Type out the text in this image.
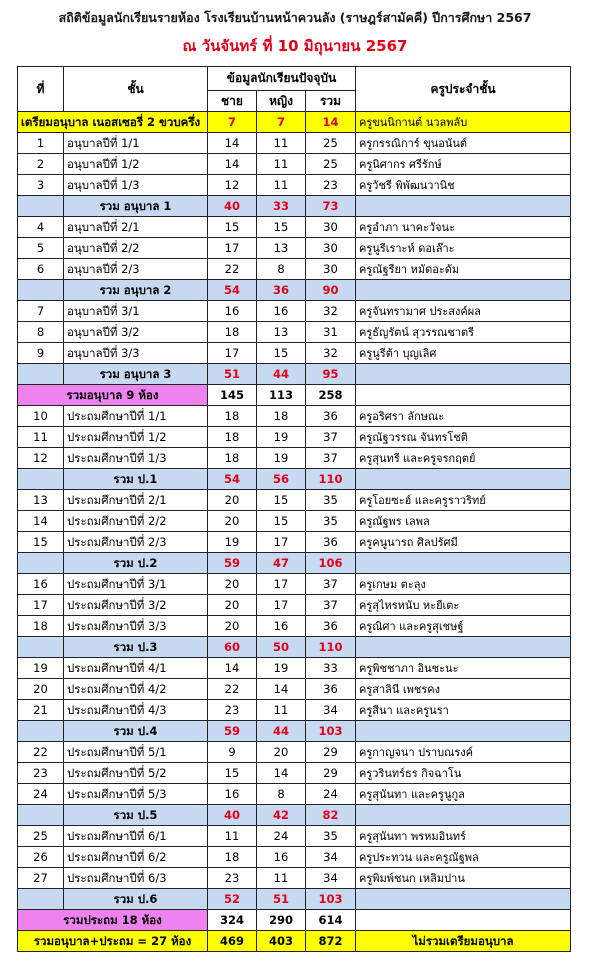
สถิติข้อมูลนักเรียนรายห้อง โรงเรียนบ้านหน้าควนลัง (ราษฎร์สามัคคี) ปีการศึกษา 2567
ณ วันจันทร์ ที่ 10 มิถุนายน 2567
ที่	ชั้น	ข้อมูลนักเรียนปัจจุบัน			ครูประจำชั้น
		ชาย	หญิง	รวม	
เตรียมอนุบาล เนอสเซอรี่ 2 ขวบครึ่ง		7	7	14	ครูขนนิกานต์ นวลพลับ
1	อนุบาลปีที่ 1/1	14	11	25	ครูกรรณิการ์ ขุนอนันต์
2	อนุบาลปีที่ 1/2	14	11	25	ครูนิศากร ศรีรักษ์
3	อนุบาลปีที่ 1/3	12	11	23	ครูวัชรี พิพัฒนวานิช
	รวม อนุบาล 1	40	33	73	
4	อนุบาลปีที่ 2/1	15	15	30	ครูอำภา นาคะวัจนะ
5	อนุบาลปีที่ 2/2	17	13	30	ครูนูรีเราะห์ ดอเล๊าะ
6	อนุบาลปีที่ 2/3	22	8	30	ครูณัฐรียา หมัดอะดัม
	รวม อนุบาล 2	54	36	90	
7	อนุบาลปีที่ 3/1	16	16	32	ครูจันทรามาศ ประสงค์ผล
8	อนุบาลปีที่ 3/2	18	13	31	ครูธัญรัตน์ สุวรรณชาตรี
9	อนุบาลปีที่ 3/3	17	15	32	ครูนูรีต้า บุญเลิศ
	รวม อนุบาล 3	51	44	95	
รวมอนุบาล 9 ห้อง		145	113	258	
10	ประถมศึกษาปีที่ 1/1	18	18	36	ครูอริศรา ลักษณะ
11	ประถมศึกษาปีที่ 1/2	18	19	37	ครูณัฐวรรณ จันทรโชติ
12	ประถมศึกษาปีที่ 1/3	18	19	37	ครูสุนทรี และครูจรกฤตย์
	รวม ป.1	54	56	110	
13	ประถมศึกษาปีที่ 2/1	20	15	35	ครูโอยซะฮ์ และครูราวริทย์
14	ประถมศึกษาปีที่ 2/2	20	15	35	ครูณัฐพร เลพล
15	ประถมศึกษาปีที่ 2/3	19	17	36	ครูคนูนารถ ศิลปรัศมี
	รวม ป.2	59	47	106	
16	ประถมศึกษาปีที่ 3/1	20	17	37	ครูเกษม ตะลุง
17	ประถมศึกษาปีที่ 3/2	20	17	37	ครูสุไหรหนับ หะยีเตะ
18	ประถมศึกษาปีที่ 3/3	20	16	36	ครูณิศา และครูสุเชษฐ์
	รวม ป.3	60	50	110	
19	ประถมศึกษาปีที่ 4/1	14	19	33	ครูพิชชาภา อินชะนะ
20	ประถมศึกษาปีที่ 4/2	22	14	36	ครูสาลินี เพชรคง
21	ประถมศึกษาปีที่ 4/3	23	11	34	ครูสีนา และครูนรา
	รวม ป.4	59	44	103	
22	ประถมศึกษาปีที่ 5/1	9	20	29	ครูกาญจนา ปราบณรงค์
23	ประถมศึกษาปีที่ 5/2	15	14	29	ครูวรินทร์ธร กิจฉาโน
24	ประถมศึกษาปีที่ 5/3	16	8	24	ครูสุนันทา และครูนูกูล
	รวม ป.5	40	42	82	
25	ประถมศึกษาปีที่ 6/1	11	24	35	ครูสุนันทา พรหมอินทร์
26	ประถมศึกษาปีที่ 6/2	18	16	34	ครูประทวน และครูณัฐพล
27	ประถมศึกษาปีที่ 6/3	23	11	34	ครูพิมพ์ชนก เหลิมปาน
	รวม ป.6	52	51	103	
รวมประถม 18 ห้อง		324	290	614	
รวมอนุบาล+ประถม = 27 ห้อง		469	403	872	ไม่รวมเตรียมอนุบาล
